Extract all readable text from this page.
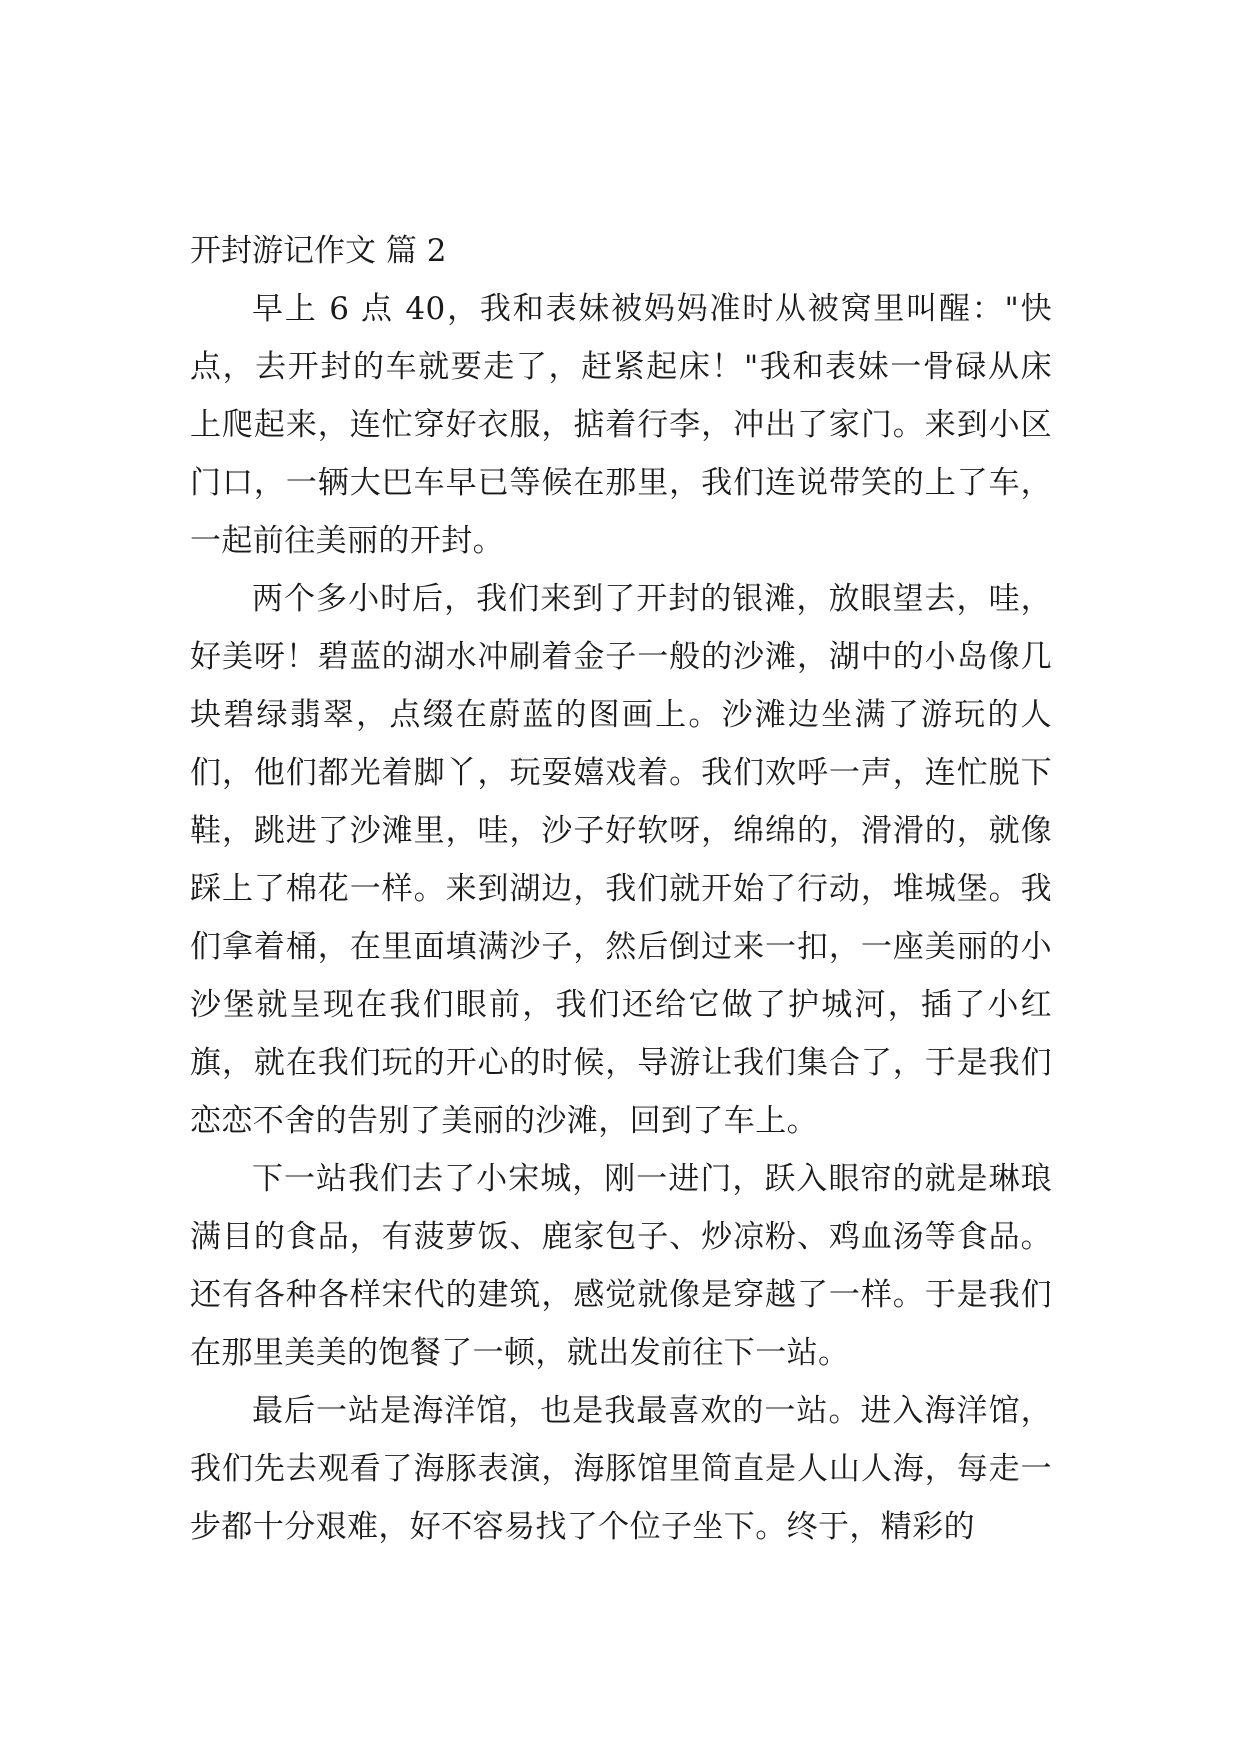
开封游记作文 篇 2

早上 6 点 40，我和表妹被妈妈准时从被窝里叫醒："快点，去开封的车就要走了，赶紧起床！"我和表妹一骨碌从床上爬起来，连忙穿好衣服，掂着行李，冲出了家门。来到小区门口，一辆大巴车早已等候在那里，我们连说带笑的上了车，一起前往美丽的开封。

两个多小时后，我们来到了开封的银滩，放眼望去，哇，好美呀！碧蓝的湖水冲刷着金子一般的沙滩，湖中的小岛像几块碧绿翡翠，点缀在蔚蓝的图画上。沙滩边坐满了游玩的人们，他们都光着脚丫，玩耍嬉戏着。我们欢呼一声，连忙脱下鞋，跳进了沙滩里，哇，沙子好软呀，绵绵的，滑滑的，就像踩上了棉花一样。来到湖边，我们就开始了行动，堆城堡。我们拿着桶，在里面填满沙子，然后倒过来一扣，一座美丽的小沙堡就呈现在我们眼前，我们还给它做了护城河，插了小红旗，就在我们玩的开心的时候，导游让我们集合了，于是我们恋恋不舍的告别了美丽的沙滩，回到了车上。

下一站我们去了小宋城，刚一进门，跃入眼帘的就是琳琅满目的食品，有菠萝饭、鹿家包子、炒凉粉、鸡血汤等食品。还有各种各样宋代的建筑，感觉就像是穿越了一样。于是我们在那里美美的饱餐了一顿，就出发前往下一站。

最后一站是海洋馆，也是我最喜欢的一站。进入海洋馆，我们先去观看了海豚表演，海豚馆里简直是人山人海，每走一步都十分艰难，好不容易找了个位子坐下。终于，精彩的
